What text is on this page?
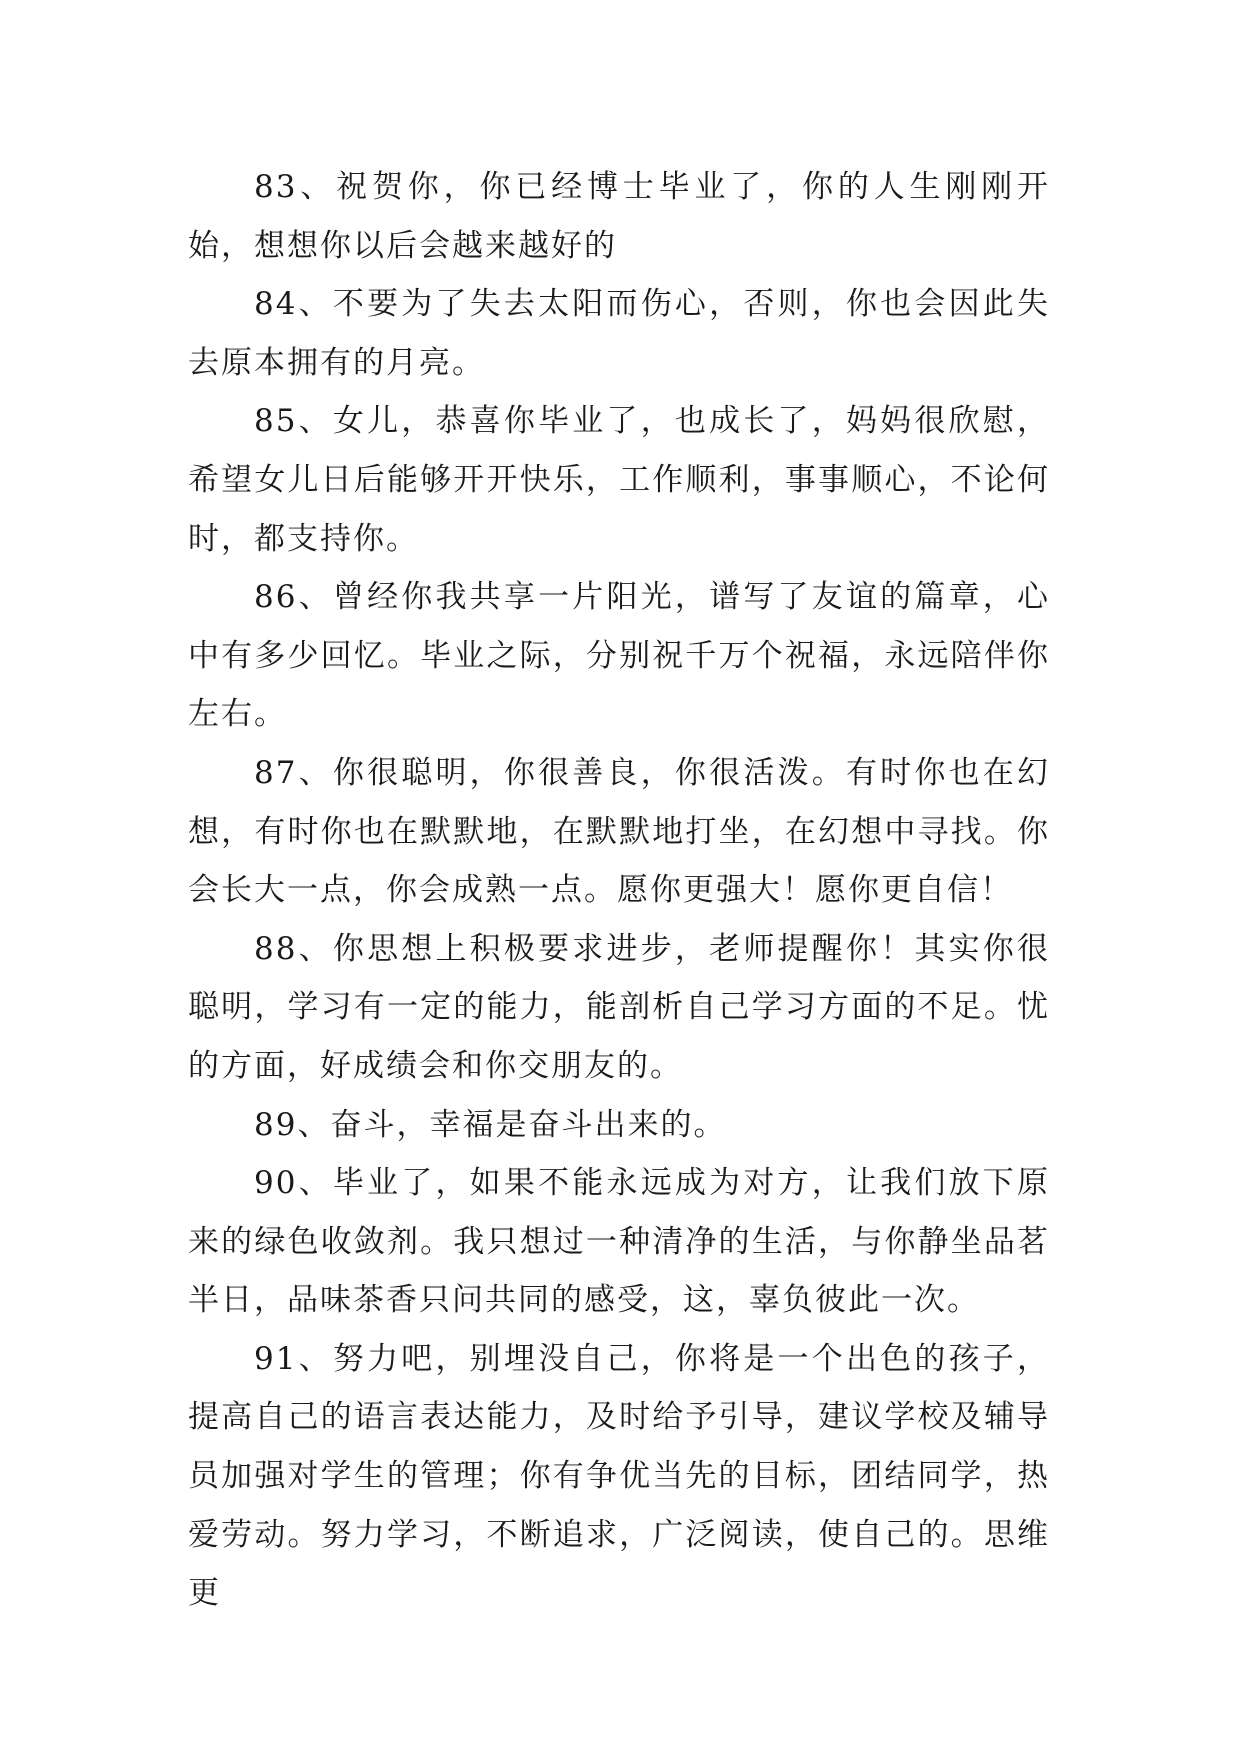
83、祝贺你，你已经博士毕业了，你的人生刚刚开始，想想你以后会越来越好的

84、不要为了失去太阳而伤心，否则，你也会因此失去原本拥有的月亮。

85、女儿，恭喜你毕业了，也成长了，妈妈很欣慰，希望女儿日后能够开开快乐，工作顺利，事事顺心，不论何时，都支持你。

86、曾经你我共享一片阳光，谱写了友谊的篇章，心中有多少回忆。毕业之际，分别祝千万个祝福，永远陪伴你左右。

87、你很聪明，你很善良，你很活泼。有时你也在幻想，有时你也在默默地，在默默地打坐，在幻想中寻找。你会长大一点，你会成熟一点。愿你更强大！愿你更自信！

88、你思想上积极要求进步，老师提醒你！其实你很聪明，学习有一定的能力，能剖析自己学习方面的不足。忧的方面，好成绩会和你交朋友的。

89、奋斗，幸福是奋斗出来的。

90、毕业了，如果不能永远成为对方，让我们放下原来的绿色收敛剂。我只想过一种清净的生活，与你静坐品茗半日，品味茶香只问共同的感受，这，辜负彼此一次。

91、努力吧，别埋没自己，你将是一个出色的孩子，提高自己的语言表达能力，及时给予引导，建议学校及辅导员加强对学生的管理；你有争优当先的目标，团结同学，热爱劳动。努力学习，不断追求，广泛阅读，使自己的。思维更
